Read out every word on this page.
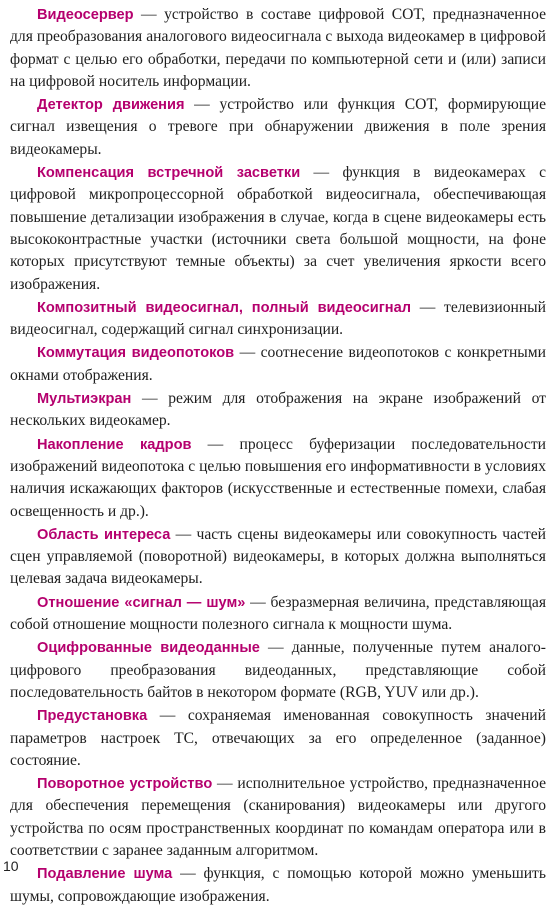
Видеосервер — устройство в составе цифровой СОТ, предназначенное для преобразования аналогового видеосигнала с выхода видеокамер в цифровой формат с целью его обработки, передачи по компьютерной сети и (или) записи на цифровой носитель информации.

Детектор движения — устройство или функция СОТ, формирующие сигнал извещения о тревоге при обнаружении движения в поле зрения видеокамеры.

Компенсация встречной засветки — функция в видеокамерах с цифровой микропроцессорной обработкой видеосигнала, обеспечивающая повышение детализации изображения в случае, когда в сцене видеокамеры есть высококонтрастные участки (источники света большой мощности, на фоне которых присутствуют темные объекты) за счет увеличения яркости всего изображения.

Композитный видеосигнал, полный видеосигнал — телевизионный видеосигнал, содержащий сигнал синхронизации.

Коммутация видеопотоков — соотнесение видеопотоков с конкретными окнами отображения.

Мультиэкран — режим для отображения на экране изображений от нескольких видеокамер.

Накопление кадров — процесс буферизации последовательности изображений видеопотока с целью повышения его информативности в условиях наличия искажающих факторов (искусственные и естественные помехи, слабая освещенность и др.).

Область интереса — часть сцены видеокамеры или совокупность частей сцен управляемой (поворотной) видеокамеры, в которых должна выполняться целевая задача видеокамеры.

Отношение «сигнал — шум» — безразмерная величина, представляющая собой отношение мощности полезного сигнала к мощности шума.

Оцифрованные видеоданные — данные, полученные путем аналого-цифрового преобразования видеоданных, представляющие собой последовательность байтов в некотором формате (RGB, YUV или др.).

Предустановка — сохраняемая именованная совокупность значений параметров настроек ТС, отвечающих за его определенное (заданное) состояние.

Поворотное устройство — исполнительное устройство, предназначенное для обеспечения перемещения (сканирования) видеокамеры или другого устройства по осям пространственных координат по командам оператора или в соответствии с заранее заданным алгоритмом.

Подавление шума — функция, с помощью которой можно уменьшить шумы, сопровождающие изображения.

10
